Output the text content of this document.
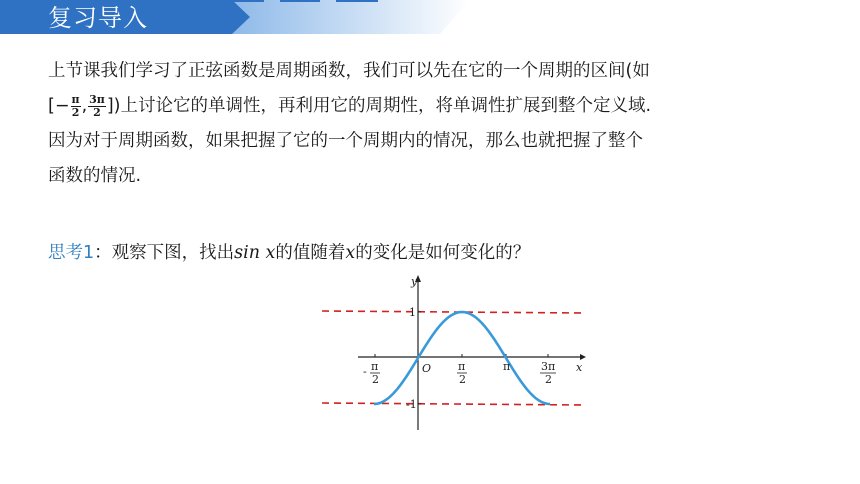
复习导入

上节课我们学习了正弦函数是周期函数，我们可以先在它的一个周期的区间(如

[− $\frac{\pi}{2}$ , $\frac{3\pi}{2}$ ])上讨论它的单调性，再利用它的周期性，将单调性扩展到整个定义域.

因为对于周期函数，如果把握了它的一个周期内的情况，那么也就把握了整个

函数的情况.

思考1：观察下图，找出sin x的值随着x的变化是如何变化的？
y
x
O
1
-1
π
- π
2
π
2
3π
2
